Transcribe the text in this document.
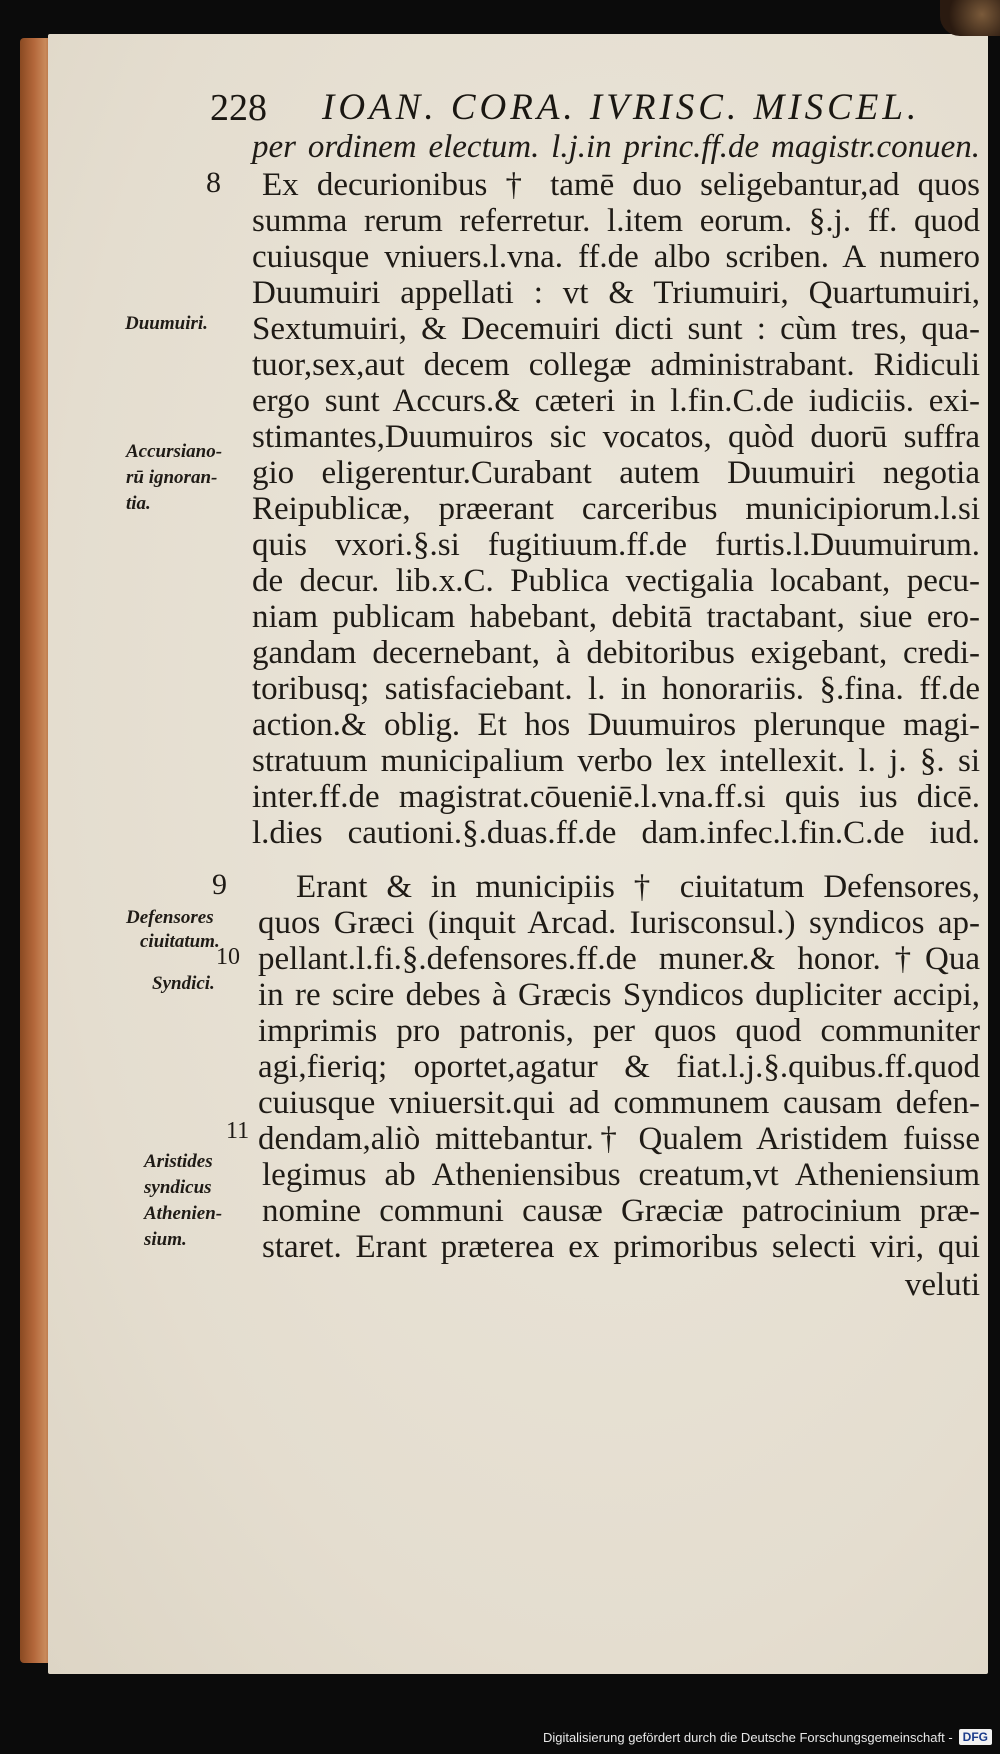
228 IOAN. CORA. IVRISC. MISCEL.
per ordinem electum. l.j.in princ.ff.de magistr.conuen.
Ex decurionibus † tamē duo seligebantur,ad quos
summa rerum referretur. l.item eorum. §.j. ff. quod
cuiusque vniuers.l.vna. ff.de albo scriben. A numero
Duumuiri appellati : vt & Triumuiri, Quartumuiri,
Sextumuiri, & Decemuiri dicti sunt : cùm tres, qua-
tuor,sex,aut decem collegæ administrabant. Ridiculi
ergo sunt Accurs.& cæteri in l.fin.C.de iudiciis. exi-
stimantes,Duumuiros sic vocatos, quòd duorū suffra
gio eligerentur.Curabant autem Duumuiri negotia
Reipublicæ, præerant carceribus municipiorum.l.si
quis vxori.§.si fugitiuum.ff.de furtis.l.Duumuirum.
de decur. lib.x.C. Publica vectigalia locabant, pecu-
niam publicam habebant, debitā tractabant, siue ero-
gandam decernebant, à debitoribus exigebant, credi-
toribusq; satisfaciebant. l. in honorariis. §.fina. ff.de
action.& oblig. Et hos Duumuiros plerunque magi-
stratuum municipalium verbo lex intellexit. l. j. §. si
inter.ff.de magistrat.cōueniē.l.vna.ff.si quis ius dicē.
l.dies cautioni.§.duas.ff.de dam.infec.l.fin.C.de iud.
Erant & in municipiis † ciuitatum Defensores,
quos Græci (inquit Arcad. Iurisconsul.) syndicos ap-
pellant.l.fi.§.defensores.ff.de muner.& honor.†Qua
in re scire debes à Græcis Syndicos dupliciter accipi,
imprimis pro patronis, per quos quod communiter
agi,fieriq; oportet,agatur & fiat.l.j.§.quibus.ff.quod
cuiusque vniuersit.qui ad communem causam defen-
dendam,aliò mittebantur.† Qualem Aristidem fuisse
legimus ab Atheniensibus creatum,vt Atheniensium
nomine communi causæ Græciæ patrocinium præ-
staret. Erant præterea ex primoribus selecti viri, qui
veluti
8
9
10
11
Duumuiri.
Accursiano-
rū ignoran-
tia.
Defensores
ciuitatum.
Syndici.
Aristides
syndicus
Athenien-
sium.
Digitalisierung gefördert durch die Deutsche Forschungsgemeinschaft - DFG
